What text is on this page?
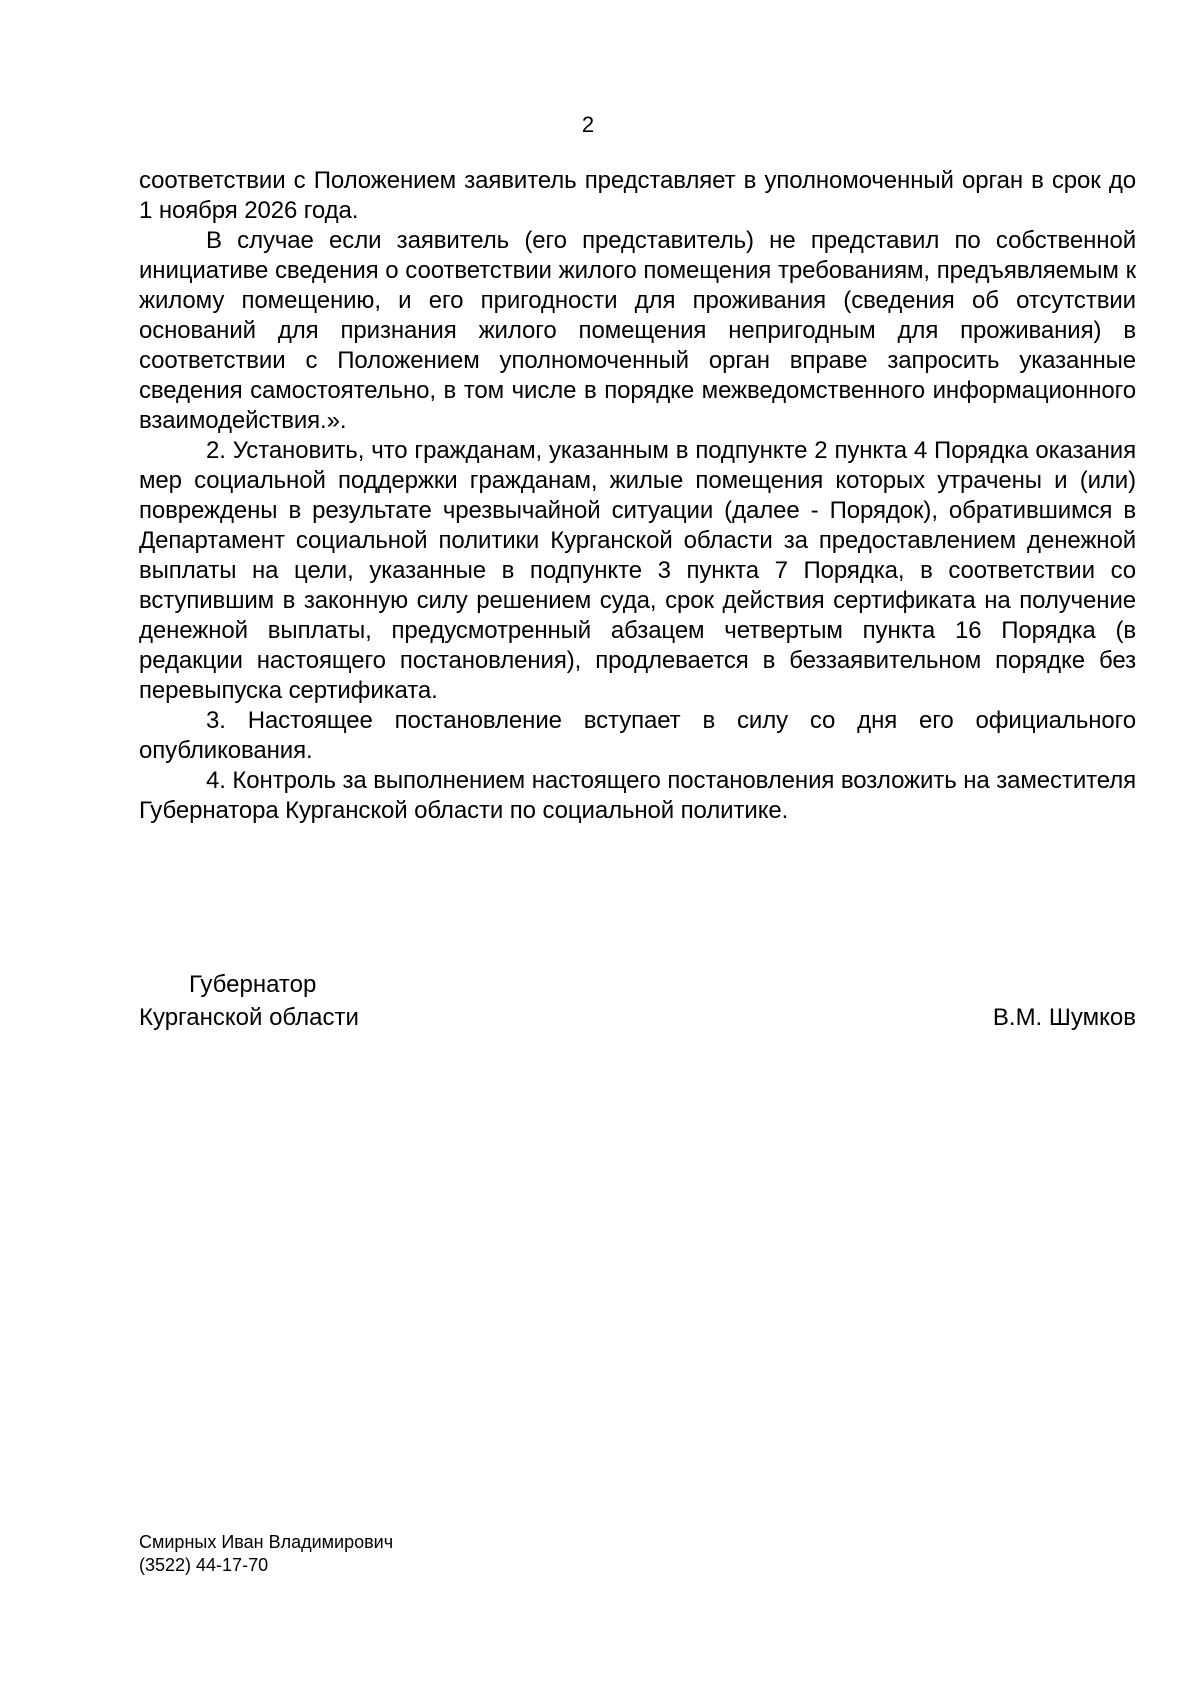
2

соответствии с Положением заявитель представляет в уполномоченный орган в срок до 1 ноября 2026 года.

В случае если заявитель (его представитель) не представил по собственной инициативе сведения о соответствии жилого помещения требованиям, предъявляемым к жилому помещению, и его пригодности для проживания (сведения об отсутствии оснований для признания жилого помещения непригодным для проживания) в соответствии с Положением уполномоченный орган вправе запросить указанные сведения самостоятельно, в том числе в порядке межведомственного информационного взаимодействия.».

2. Установить, что гражданам, указанным в подпункте 2 пункта 4 Порядка оказания мер социальной поддержки гражданам, жилые помещения которых утрачены и (или) повреждены в результате чрезвычайной ситуации (далее - Порядок), обратившимся в Департамент социальной политики Курганской области за предоставлением денежной выплаты на цели, указанные в подпункте 3 пункта 7 Порядка, в соответствии со вступившим в законную силу решением суда, срок действия сертификата на получение денежной выплаты, предусмотренный абзацем четвертым пункта 16 Порядка (в редакции настоящего постановления), продлевается в беззаявительном порядке без перевыпуска сертификата.

3. Настоящее постановление вступает в силу со дня его официального опубликования.

4. Контроль за выполнением настоящего постановления возложить на заместителя Губернатора Курганской области по социальной политике.

Губернатор
Курганской области	В.М. Шумков
Смирных Иван Владимирович
(3522) 44-17-70
